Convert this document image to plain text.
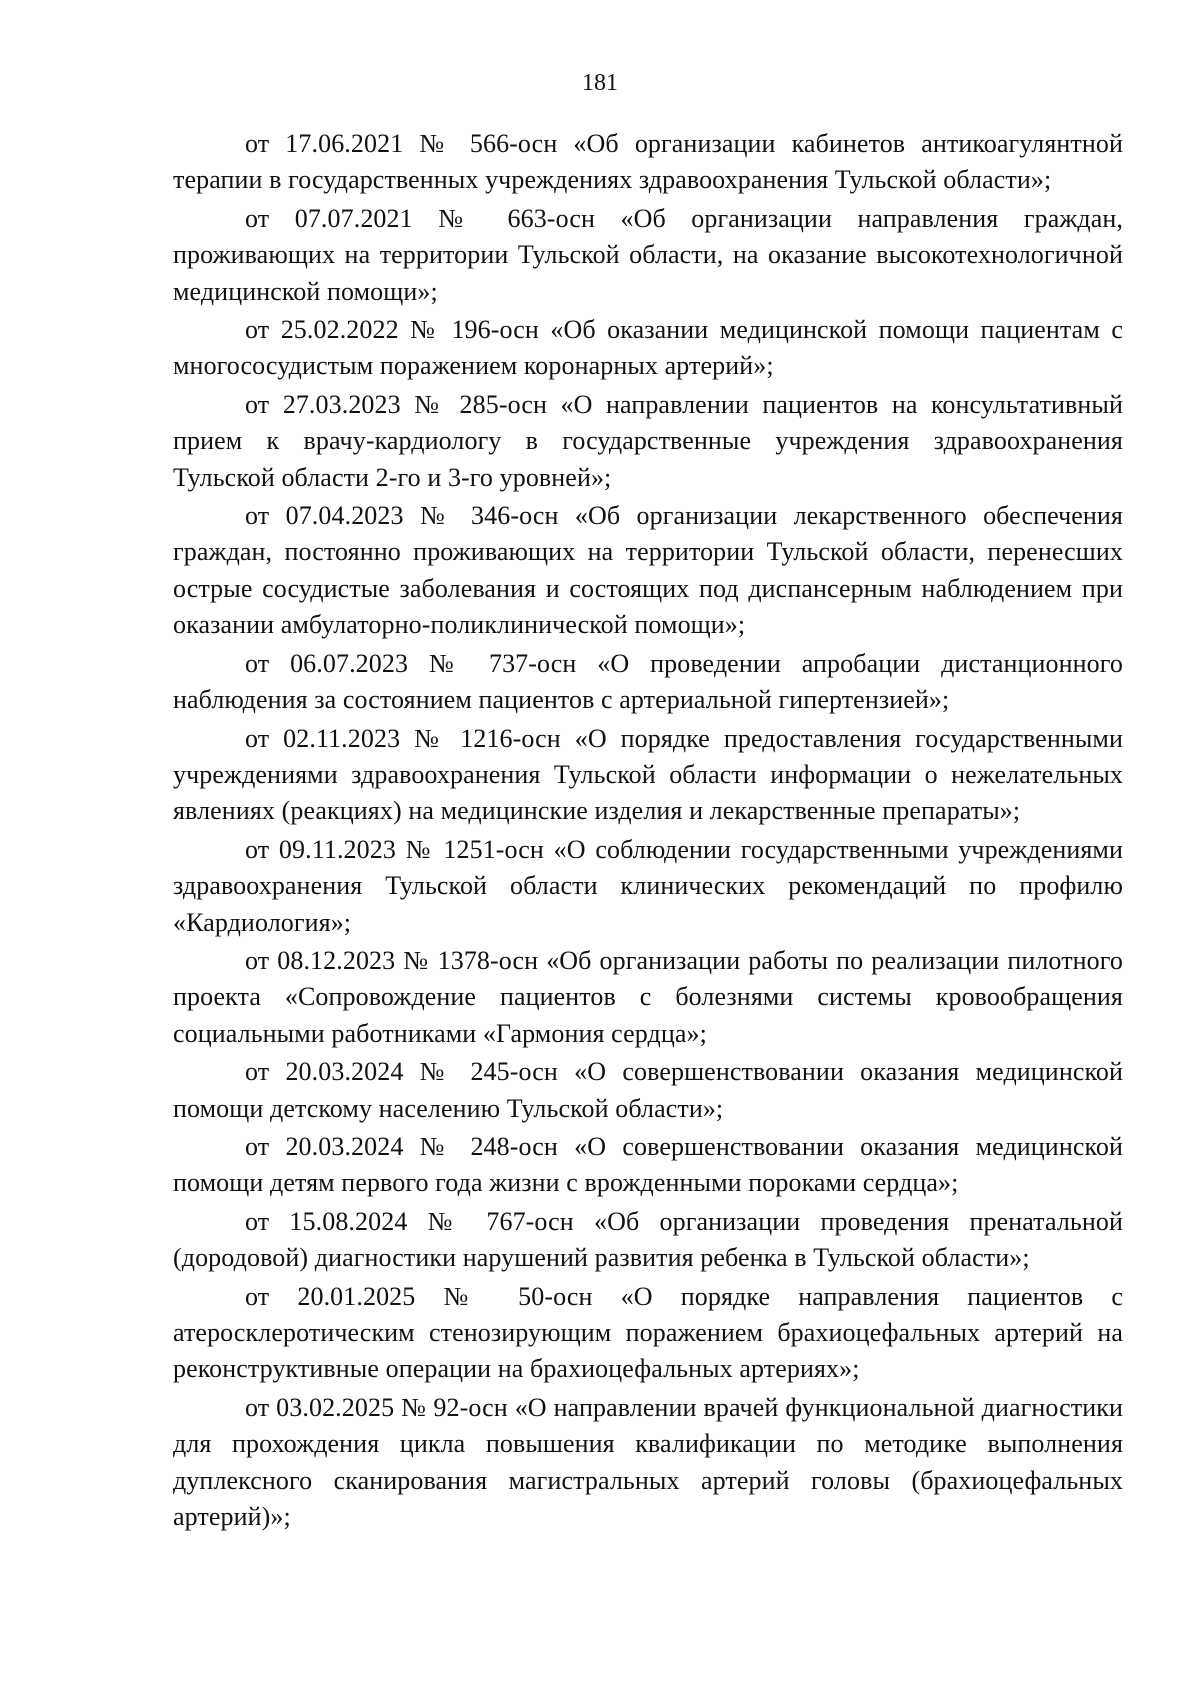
181

от 17.06.2021 № 566-осн «Об организации кабинетов антикоагулянтной терапии в государственных учреждениях здравоохранения Тульской области»;

от 07.07.2021 № 663-осн «Об организации направления граждан, проживающих на территории Тульской области, на оказание высокотехнологичной медицинской помощи»;

от 25.02.2022 № 196-осн «Об оказании медицинской помощи пациентам с многососудистым поражением коронарных артерий»;

от 27.03.2023 № 285-осн «О направлении пациентов на консультативный прием к врачу-кардиологу в государственные учреждения здравоохранения Тульской области 2-го и 3-го уровней»;

от 07.04.2023 № 346-осн «Об организации лекарственного обеспечения граждан, постоянно проживающих на территории Тульской области, перенесших острые сосудистые заболевания и состоящих под диспансерным наблюдением при оказании амбулаторно-поликлинической помощи»;

от 06.07.2023 № 737-осн «О проведении апробации дистанционного наблюдения за состоянием пациентов с артериальной гипертензией»;

от 02.11.2023 № 1216-осн «О порядке предоставления государственными учреждениями здравоохранения Тульской области информации о нежелательных явлениях (реакциях) на медицинские изделия и лекарственные препараты»;

от 09.11.2023 № 1251-осн «О соблюдении государственными учреждениями здравоохранения Тульской области клинических рекомендаций по профилю «Кардиология»;

от 08.12.2023 № 1378-осн «Об организации работы по реализации пилотного проекта «Сопровождение пациентов с болезнями системы кровообращения социальными работниками «Гармония сердца»;

от 20.03.2024 № 245-осн «О совершенствовании оказания медицинской помощи детскому населению Тульской области»;

от 20.03.2024 № 248-осн «О совершенствовании оказания медицинской помощи детям первого года жизни с врожденными пороками сердца»;

от 15.08.2024 № 767-осн «Об организации проведения пренатальной (дородовой) диагностики нарушений развития ребенка в Тульской области»;

от 20.01.2025 № 50-осн «О порядке направления пациентов с атеросклеротическим стенозирующим поражением брахиоцефальных артерий на реконструктивные операции на брахиоцефальных артериях»;

от 03.02.2025 № 92-осн «О направлении врачей функциональной диагностики для прохождения цикла повышения квалификации по методике выполнения дуплексного сканирования магистральных артерий головы (брахиоцефальных артерий)»;
